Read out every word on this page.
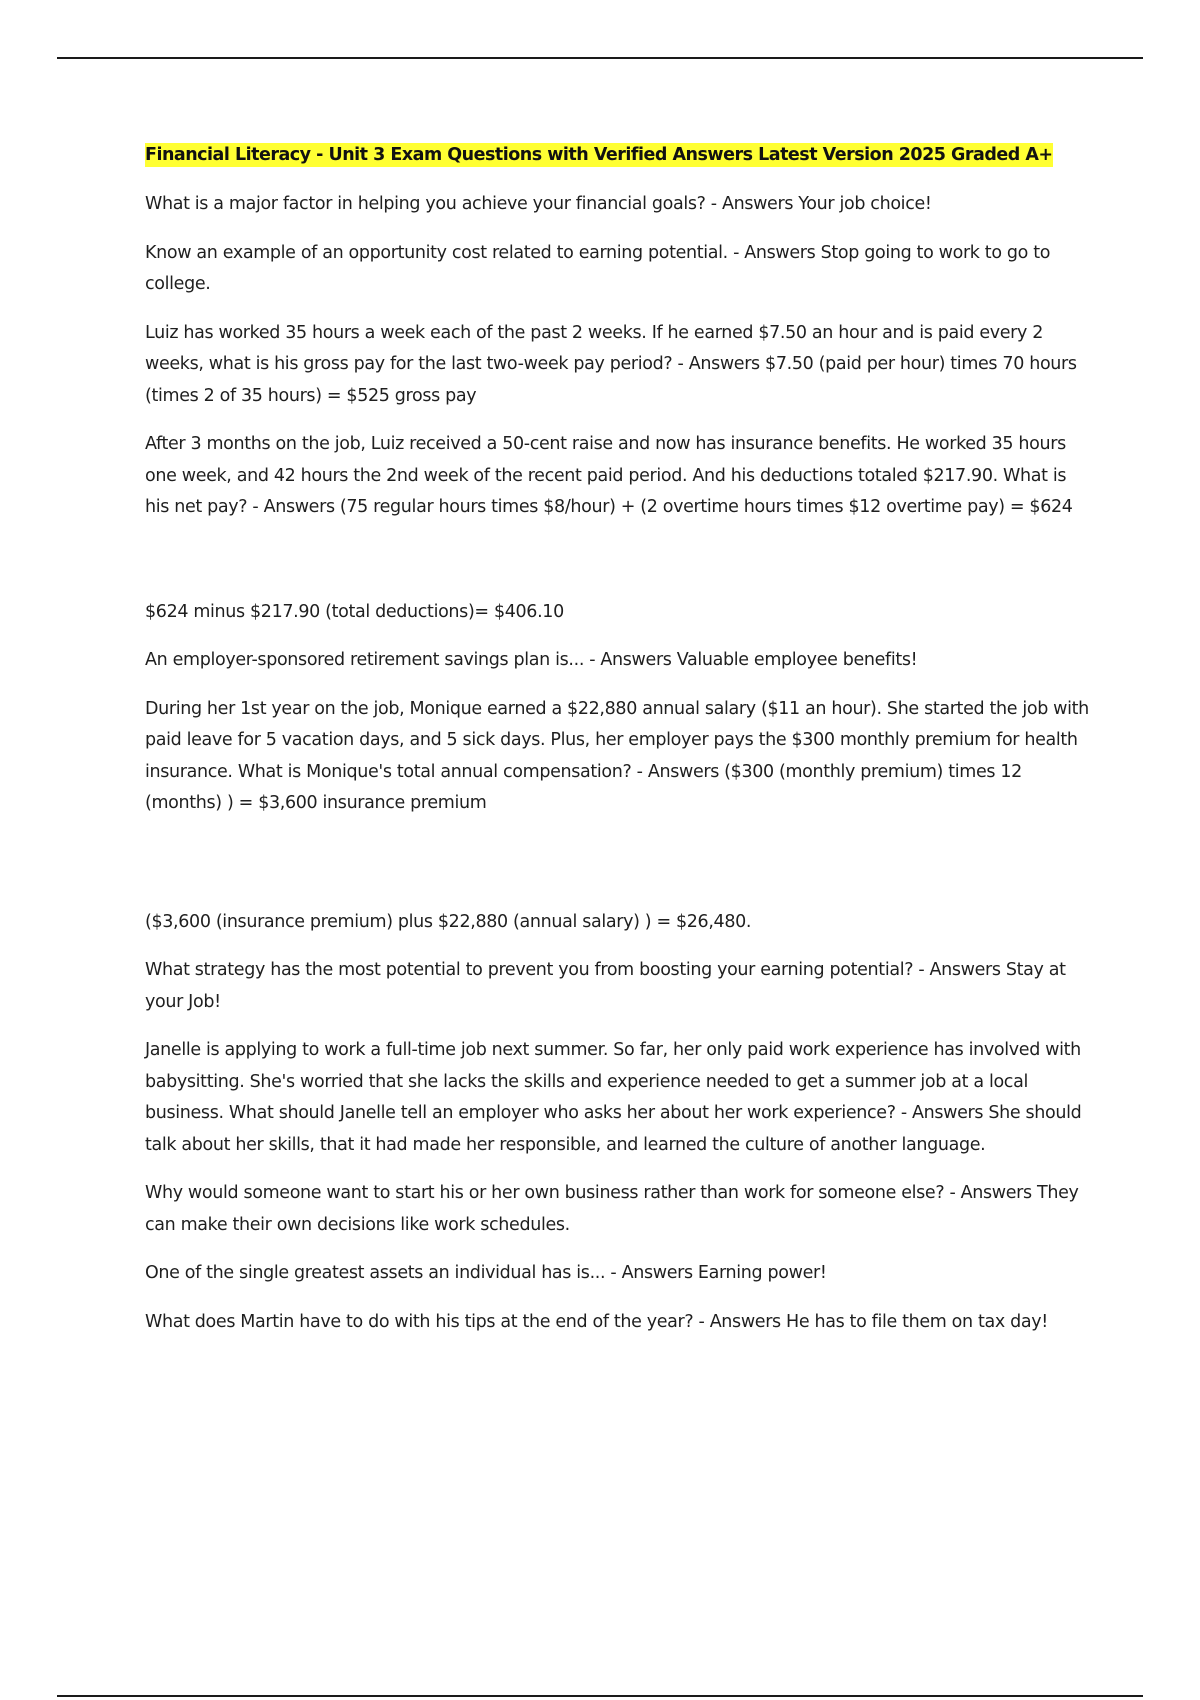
Financial Literacy - Unit 3 Exam Questions with Verified Answers Latest Version 2025 Graded A+

What is a major factor in helping you achieve your financial goals? - Answers Your job choice!

Know an example of an opportunity cost related to earning potential. - Answers Stop going to work to go to college.

Luiz has worked 35 hours a week each of the past 2 weeks. If he earned $7.50 an hour and is paid every 2 weeks, what is his gross pay for the last two-week pay period? - Answers $7.50 (paid per hour) times 70 hours (times 2 of 35 hours) = $525 gross pay

After 3 months on the job, Luiz received a 50-cent raise and now has insurance benefits. He worked 35 hours one week, and 42 hours the 2nd week of the recent paid period. And his deductions totaled $217.90. What is his net pay? - Answers (75 regular hours times $8/hour) + (2 overtime hours times $12 overtime pay) = $624

$624 minus $217.90 (total deductions)= $406.10

An employer-sponsored retirement savings plan is... - Answers Valuable employee benefits!

During her 1st year on the job, Monique earned a $22,880 annual salary ($11 an hour). She started the job with paid leave for 5 vacation days, and 5 sick days. Plus, her employer pays the $300 monthly premium for health insurance. What is Monique's total annual compensation? - Answers ($300 (monthly premium) times 12 (months) ) = $3,600 insurance premium

($3,600 (insurance premium) plus $22,880 (annual salary) ) = $26,480.

What strategy has the most potential to prevent you from boosting your earning potential? - Answers Stay at your Job!

Janelle is applying to work a full-time job next summer. So far, her only paid work experience has involved with babysitting. She's worried that she lacks the skills and experience needed to get a summer job at a local business. What should Janelle tell an employer who asks her about her work experience? - Answers She should talk about her skills, that it had made her responsible, and learned the culture of another language.

Why would someone want to start his or her own business rather than work for someone else? - Answers They can make their own decisions like work schedules.

One of the single greatest assets an individual has is... - Answers Earning power!

What does Martin have to do with his tips at the end of the year? - Answers He has to file them on tax day!
